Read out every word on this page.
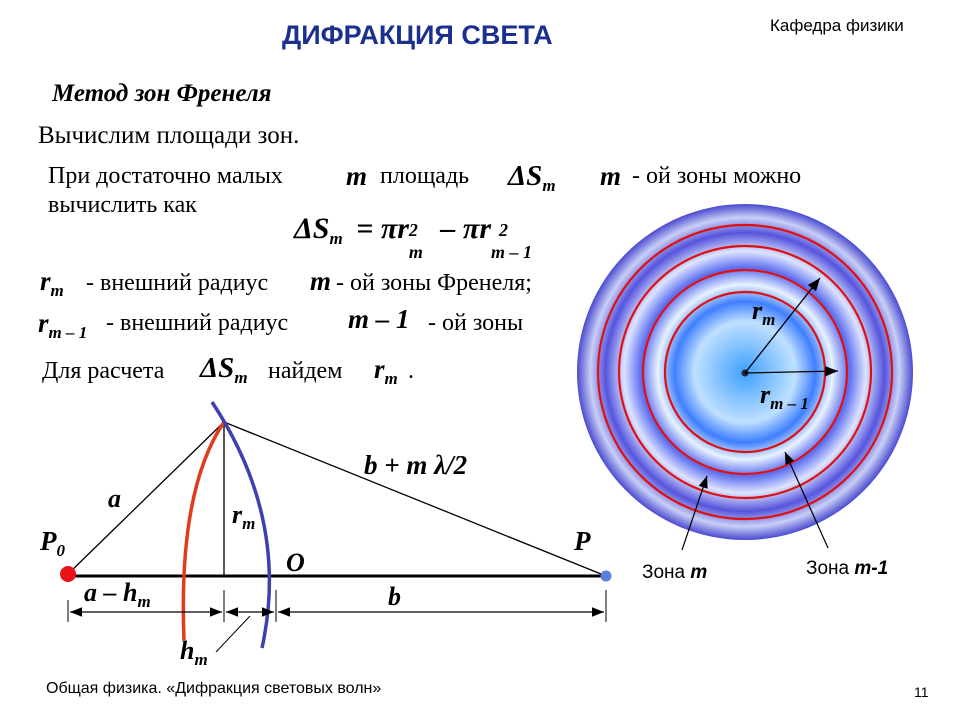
ДИФРАКЦИЯ СВЕТА	Кафедра физики
Метод зон Френеля
Вычислим площади зон.
При достаточно малых m площадь $\Delta S_m$ m - ой зоны можно
вычислить как
$\Delta S_m = \pi r$ 2
m
– πr 2
m – 1
$r_m$ - внешний радиус m - ой зоны Френеля;
$r_{m - 1}$ - внешний радиус m – 1 - ой зоны
Для расчета $\Delta S_m$ найдем $r_m$ .
a
b + m λ/2
$r_m$
$P_0$	O
P
a – $h_m$	b
$h_m$
$r_m$
$r_{m - 1}$
Зона m	Зона m-1
Общая физика. «Дифракция световых волн»	11
